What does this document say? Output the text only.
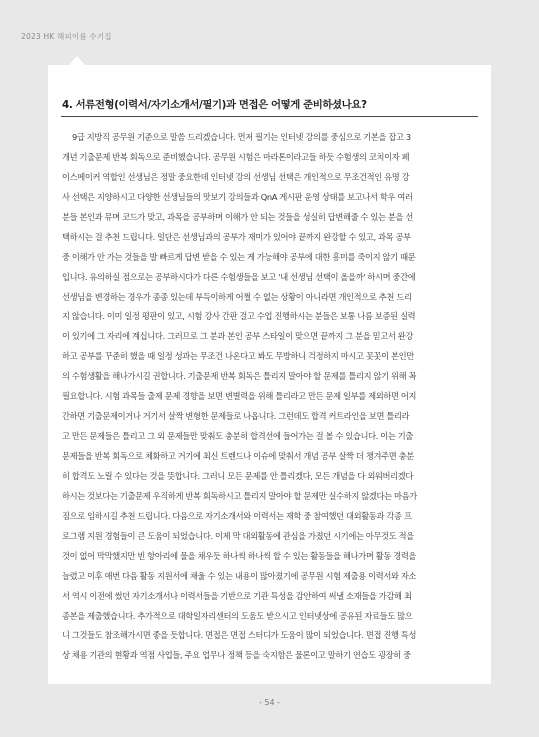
2023 HK 해피이룸 수기집
4. 서류전형(이력서/자기소개서/필기)과 면접은 어떻게 준비하셨나요?
9급 지방직 공무원 기준으로 말씀 드리겠습니다. 먼저 필기는 인터넷 강의를 중심으로 기본을 잡고 3
개년 기출문제 반복 회독으로 준비했습니다. 공무원 시험은 마라톤이라고들 하듯 수험생의 코치이자 페
이스메이커 역할인 선생님은 정말 중요한데 인터넷 강의 선생님 선택은 개인적으로 무조건적인 유명 강
사 선택은 지양하시고 다양한 선생님들의 맛보기 강의들과 QnA 게시판 운영 상태를 보고나서 학우 여러
분들 본인과 뮤며 코드가 맞고, 과목을 공부하며 이해가 안 되는 것들을 성실히 답변해줄 수 있는 분을 선
택하시는 걸 추천 드립니다. 일단은 선생님과의 공부가 재미가 있어야 끝까지 완강할 수 있고, 과목 공부
중 이해가 안 가는 것들을 발 빠르게 답변 받을 수 있는 게 가능해야 공부에 대한 흥미를 죽이지 않기 때문
입니다. 유의하실 점으로는 공부하시다가 다른 수험생들을 보고 '내 선생님 선택이 올을까' 하시며 중간에
선생님을 변경하는 경우가 종종 있는데 부득이하게 어쩔 수 없는 상황이 아니라면 개인적으로 추천 드리
지 않습니다. 이미 일정 평판이 있고, 시험 강사 간판 걸고 수업 진행하시는 분들은 보통 나름 보증된 실력
이 있기에 그 자리에 계십니다. 그러므로 그 분과 본인 공부 스타일이 맞으면 끝까지 그 분을 믿고서 완강
하고 공부를 꾸준히 했을 때 일정 성과는 무조건 나온다고 봐도 무방하니 걱정하지 마시고 꼿꼿이 본인만
의 수험생활을 해나가시길 권합니다. 기출문제 반복 회독은 틀리지 말아야 할 문제를 틀리지 않기 위해 꼭
필요합니다. 시험 과목들 출제 문제 경향을 보면 변별력을 위해 틀리라고 만든 문제 일부를 제외하면 어지
간하면 기출문제이거나 거기서 살짝 변형한 문제들로 나옵니다. 그런데도 합격 커트라인을 보면 틀리라
고 만든 문제들은 틀리고 그 외 문제들만 맞춰도 충분히 합격선에 들어가는 걸 볼 수 있습니다. 이는 기출
문제들을 반복 회독으로 체화하고 거기에 최신 트렌드나 이슈에 맞춰서 개념 공부 살짝 더 챙겨주면 충분
히 합격도 노릴 수 있다는 것을 뜻합니다. 그러니 모든 문제를 안 틀리겠다, 모든 개념을 다 외워버리겠다
하시는 것보다는 기출문제 우직하게 반복 회독하시고 틀리지 말아야 할 문제만 실수하지 않겠다는 마음가
짐으로 임하시길 추천 드립니다. 다음으로 자기소개서와 이력서는 재학 중 참여했던 대외활동과 각종 프
로그램 지원 경험들이 큰 도움이 되었습니다. 이제 막 대외활동에 관심을 가졌던 시기에는 아무것도 적을
것이 없어 막막했지만 빈 항아리에 물을 채우듯 하나씩 하나씩 할 수 있는 활동들을 해나가며 활동 경력을
늘렸고 이후 매번 다음 활동 지원서에 채울 수 있는 내용이 많아졌기에 공무원 시험 제출용 이력서와 자소
서 역시 이전에 썼던 자기소개서나 이력서들을 기반으로 기관 특성을 감안하여 써낼 소재들을 가감해 최
종본을 제출했습니다. 추가적으로 대학일자리센터의 도움도 받으시고 인터넷상에 공유된 자료들도 많으
니 그것들도 참조해가시면 좋을 듯합니다. 면접은 면접 스터디가 도움이 많이 되었습니다. 면접 진행 특성
상 채용 기관의 현황과 역점 사업들, 주요 업무나 정책 등을 숙지함은 물론이고 말하기 연습도 굉장히 중
- 54 -
